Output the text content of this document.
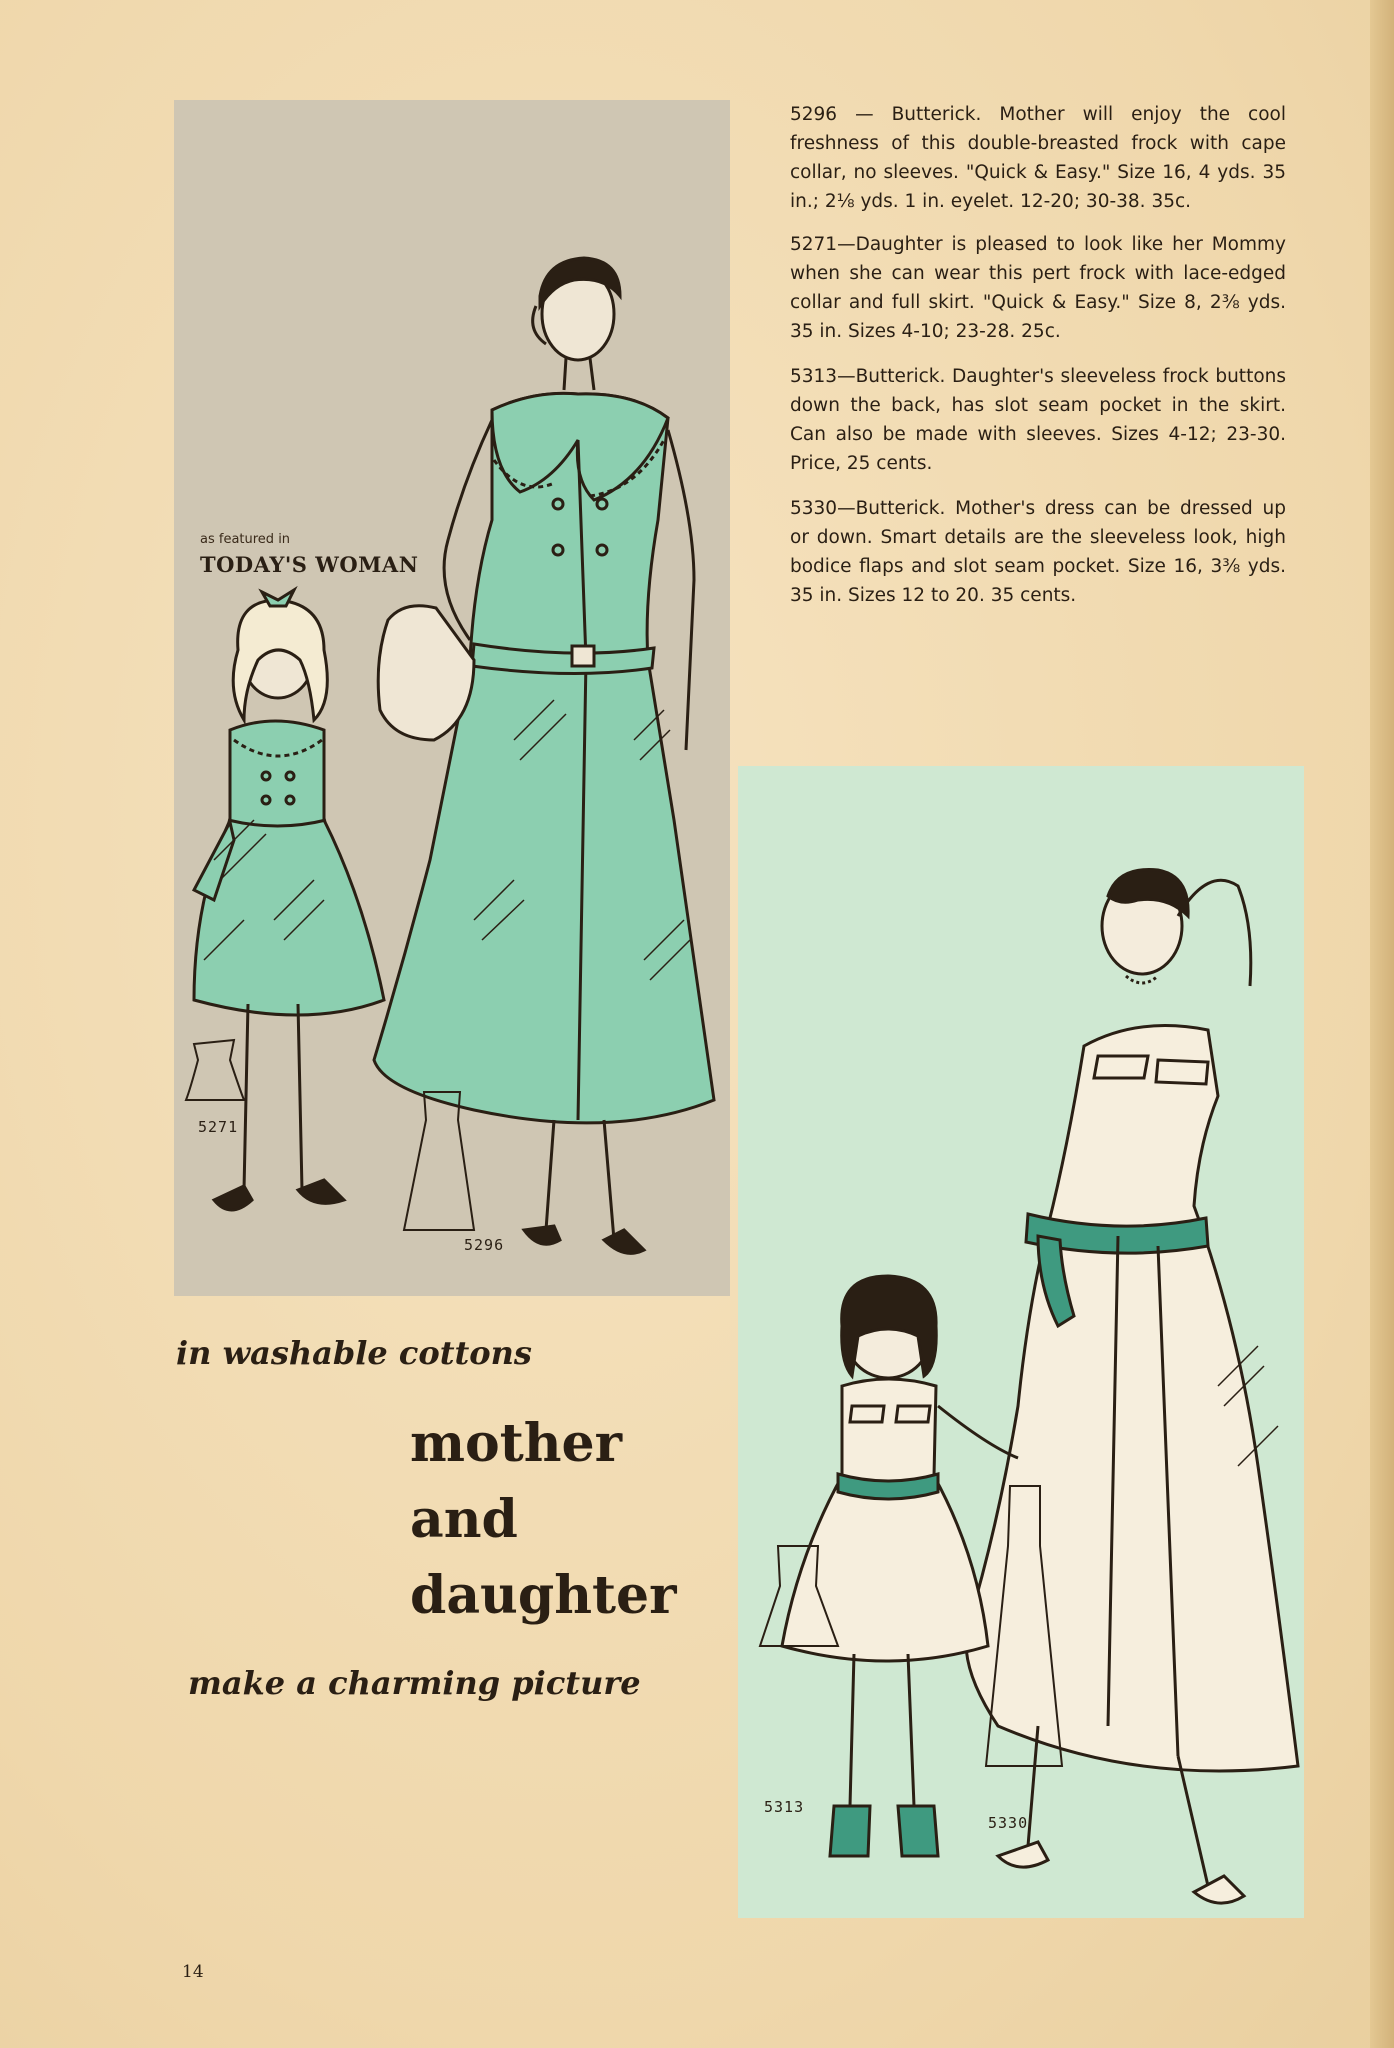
5271
5296
as featured in
TODAY'S WOMAN

5296 — Butterick. Mother will enjoy the cool freshness of this double-breasted frock with cape collar, no sleeves. "Quick & Easy." Size 16, 4 yds. 35 in.; 2⅛ yds. 1 in. eyelet. 12-20; 30-38. 35c.

5271—Daughter is pleased to look like her Mommy when she can wear this pert frock with lace-edged collar and full skirt. "Quick & Easy." Size 8, 2⅜ yds. 35 in. Sizes 4-10; 23-28. 25c.

5313—Butterick. Daughter's sleeveless frock buttons down the back, has slot seam pocket in the skirt. Can also be made with sleeves. Sizes 4-12; 23-30. Price, 25 cents.

5330—Butterick. Mother's dress can be dressed up or down. Smart details are the sleeveless look, high bodice flaps and slot seam pocket. Size 16, 3⅜ yds. 35 in. Sizes 12 to 20. 35 cents.

5313
5330

in washable cottons

mother
and
daughter

make a charming picture

14
